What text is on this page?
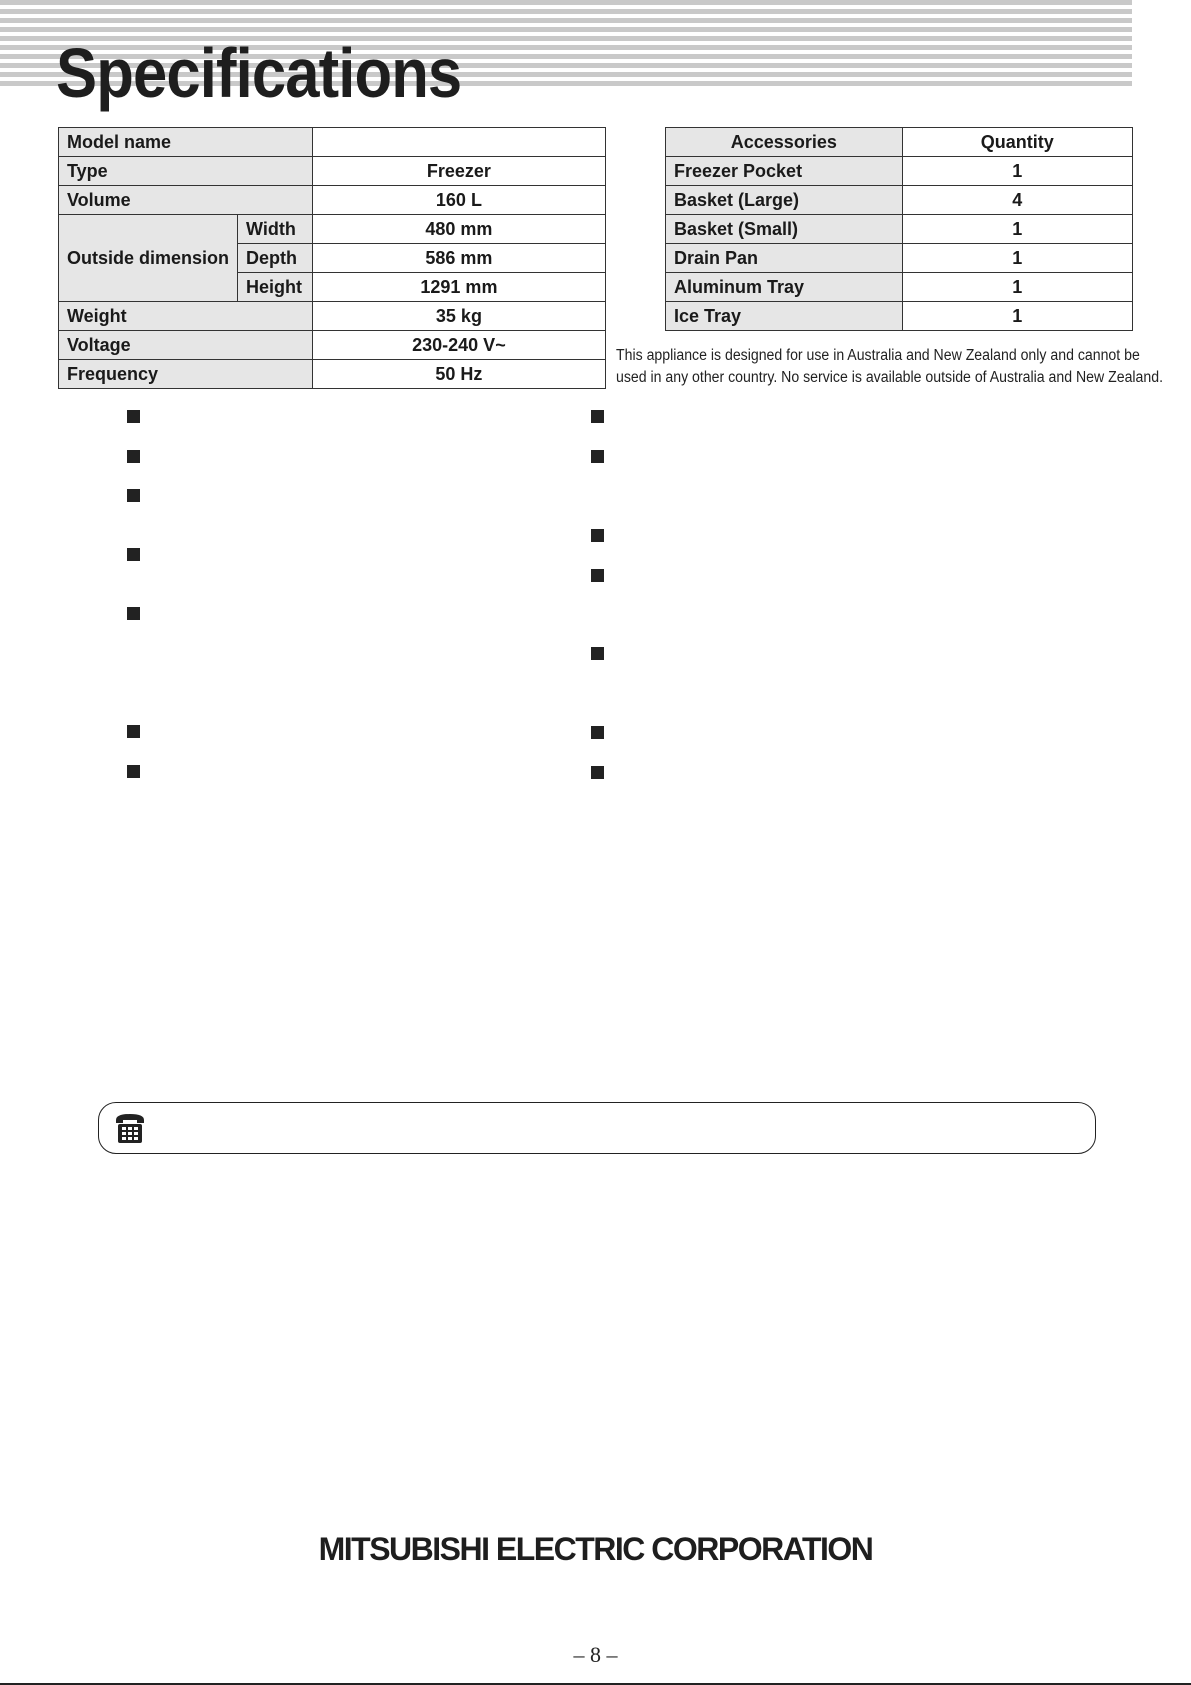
Specifications
Model name		
Type		Freezer
Volume		160 L
Outside dimension	Width	480 mm
	Depth	586 mm
	Height	1291 mm
Weight		35 kg
Voltage		230-240 V~
Frequency		50 Hz
Accessories	Quantity
Freezer Pocket	1
Basket (Large)	4
Basket (Small)	1
Drain Pan	1
Aluminum Tray	1
Ice Tray	1
This appliance is designed for use in Australia and New Zealand only and cannot be
used in any other country. No service is available outside of Australia and New Zealand.
MITSUBISHI ELECTRIC CORPORATION
– 8 –
